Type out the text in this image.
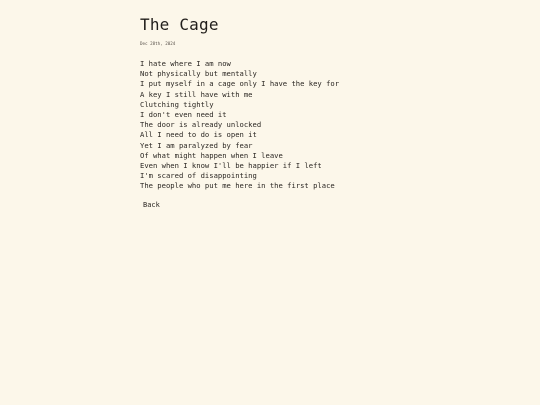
The Cage
Dec 28th, 2024
I hate where I am now
Not physically but mentally
I put myself in a cage only I have the key for
A key I still have with me
Clutching tightly
I don't even need it
The door is already unlocked
All I need to do is open it
Yet I am paralyzed by fear
Of what might happen when I leave
Even when I know I'll be happier if I left
I'm scared of disappointing
The people who put me here in the first place
Back
